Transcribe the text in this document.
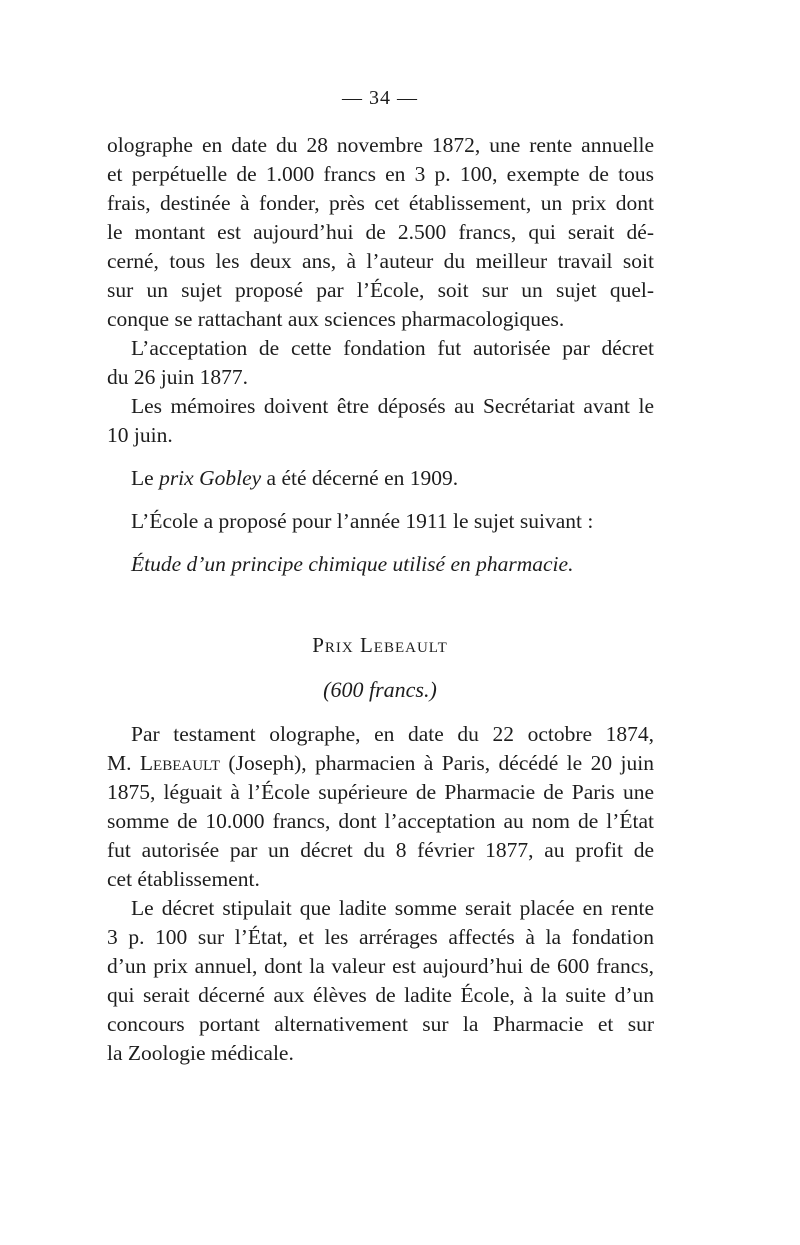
— 34 —
olographe en date du 28 novembre 1872, une rente annuelle
et perpétuelle de 1.000 francs en 3 p. 100, exempte de tous
frais, destinée à fonder, près cet établissement, un prix dont
le montant est aujourd’hui de 2.500 francs, qui serait dé-
cerné, tous les deux ans, à l’auteur du meilleur travail soit
sur un sujet proposé par l’École, soit sur un sujet quel-
conque se rattachant aux sciences pharmacologiques.
L’acceptation de cette fondation fut autorisée par décret
du 26 juin 1877.
Les mémoires doivent être déposés au Secrétariat avant le
10 juin.
Le prix Gobley a été décerné en 1909.
L’École a proposé pour l’année 1911 le sujet suivant :
Étude d’un principe chimique utilisé en pharmacie.
Prix Lebeault
(600 francs.)
Par testament olographe, en date du 22 octobre 1874,
M. Lebeault (Joseph), pharmacien à Paris, décédé le 20 juin
1875, léguait à l’École supérieure de Pharmacie de Paris une
somme de 10.000 francs, dont l’acceptation au nom de l’État
fut autorisée par un décret du 8 février 1877, au profit de
cet établissement.
Le décret stipulait que ladite somme serait placée en rente
3 p. 100 sur l’État, et les arrérages affectés à la fondation
d’un prix annuel, dont la valeur est aujourd’hui de 600 francs,
qui serait décerné aux élèves de ladite École, à la suite d’un
concours portant alternativement sur la Pharmacie et sur
la Zoologie médicale.
